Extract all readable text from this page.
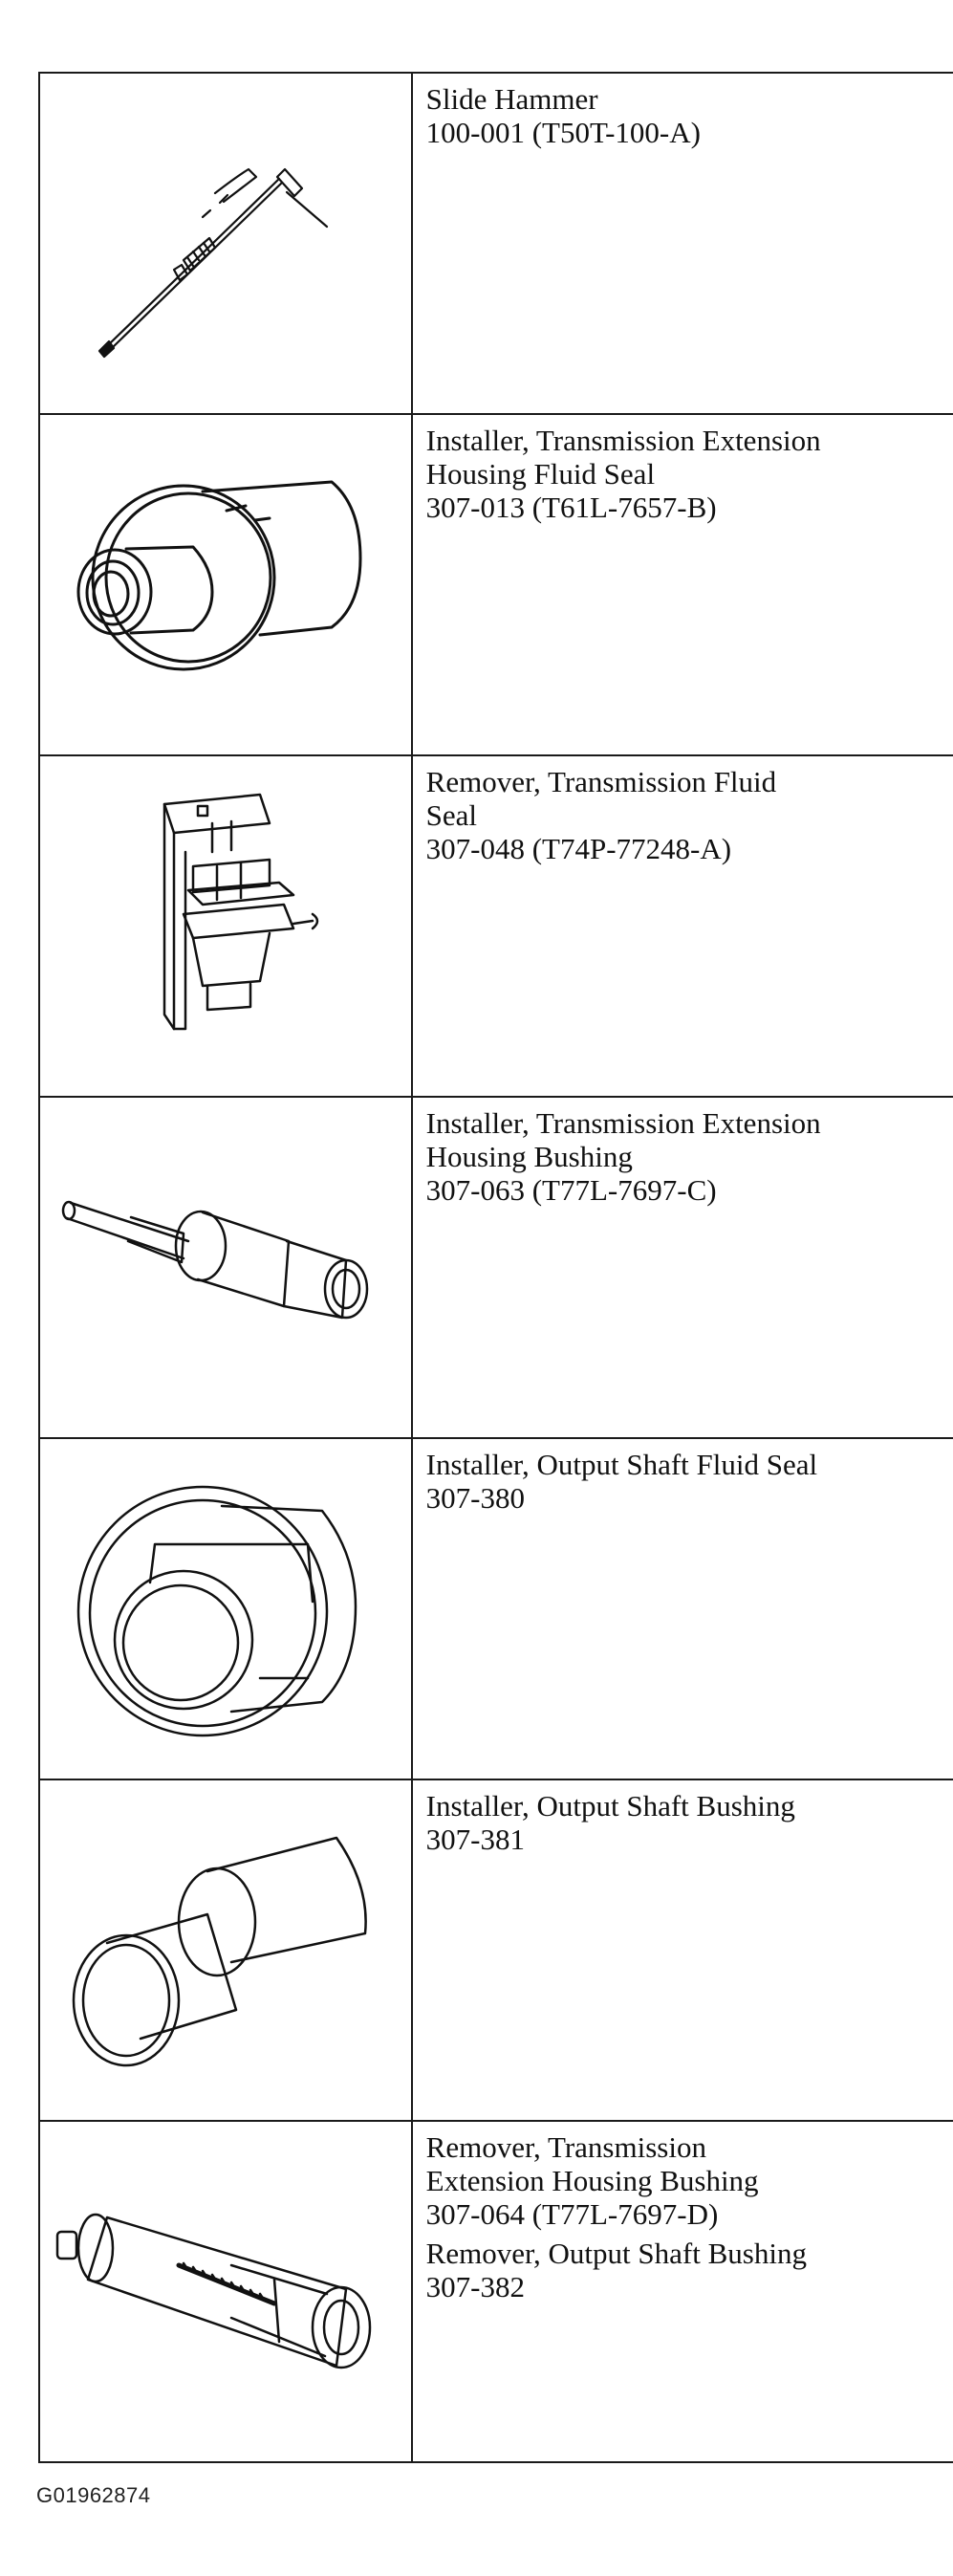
Slide Hammer
100-001 (T50T-100-A)

Installer, Transmission Extension
Housing Fluid Seal
307-013 (T61L-7657-B)

Remover, Transmission Fluid
Seal
307-048 (T74P-77248-A)

Installer, Transmission Extension
Housing Bushing
307-063 (T77L-7697-C)

Installer, Output Shaft Fluid Seal
307-380

Installer, Output Shaft Bushing
307-381

Remover, Transmission
Extension Housing Bushing
307-064 (T77L-7697-D)
Remover, Output Shaft Bushing
307-382
G01962874
